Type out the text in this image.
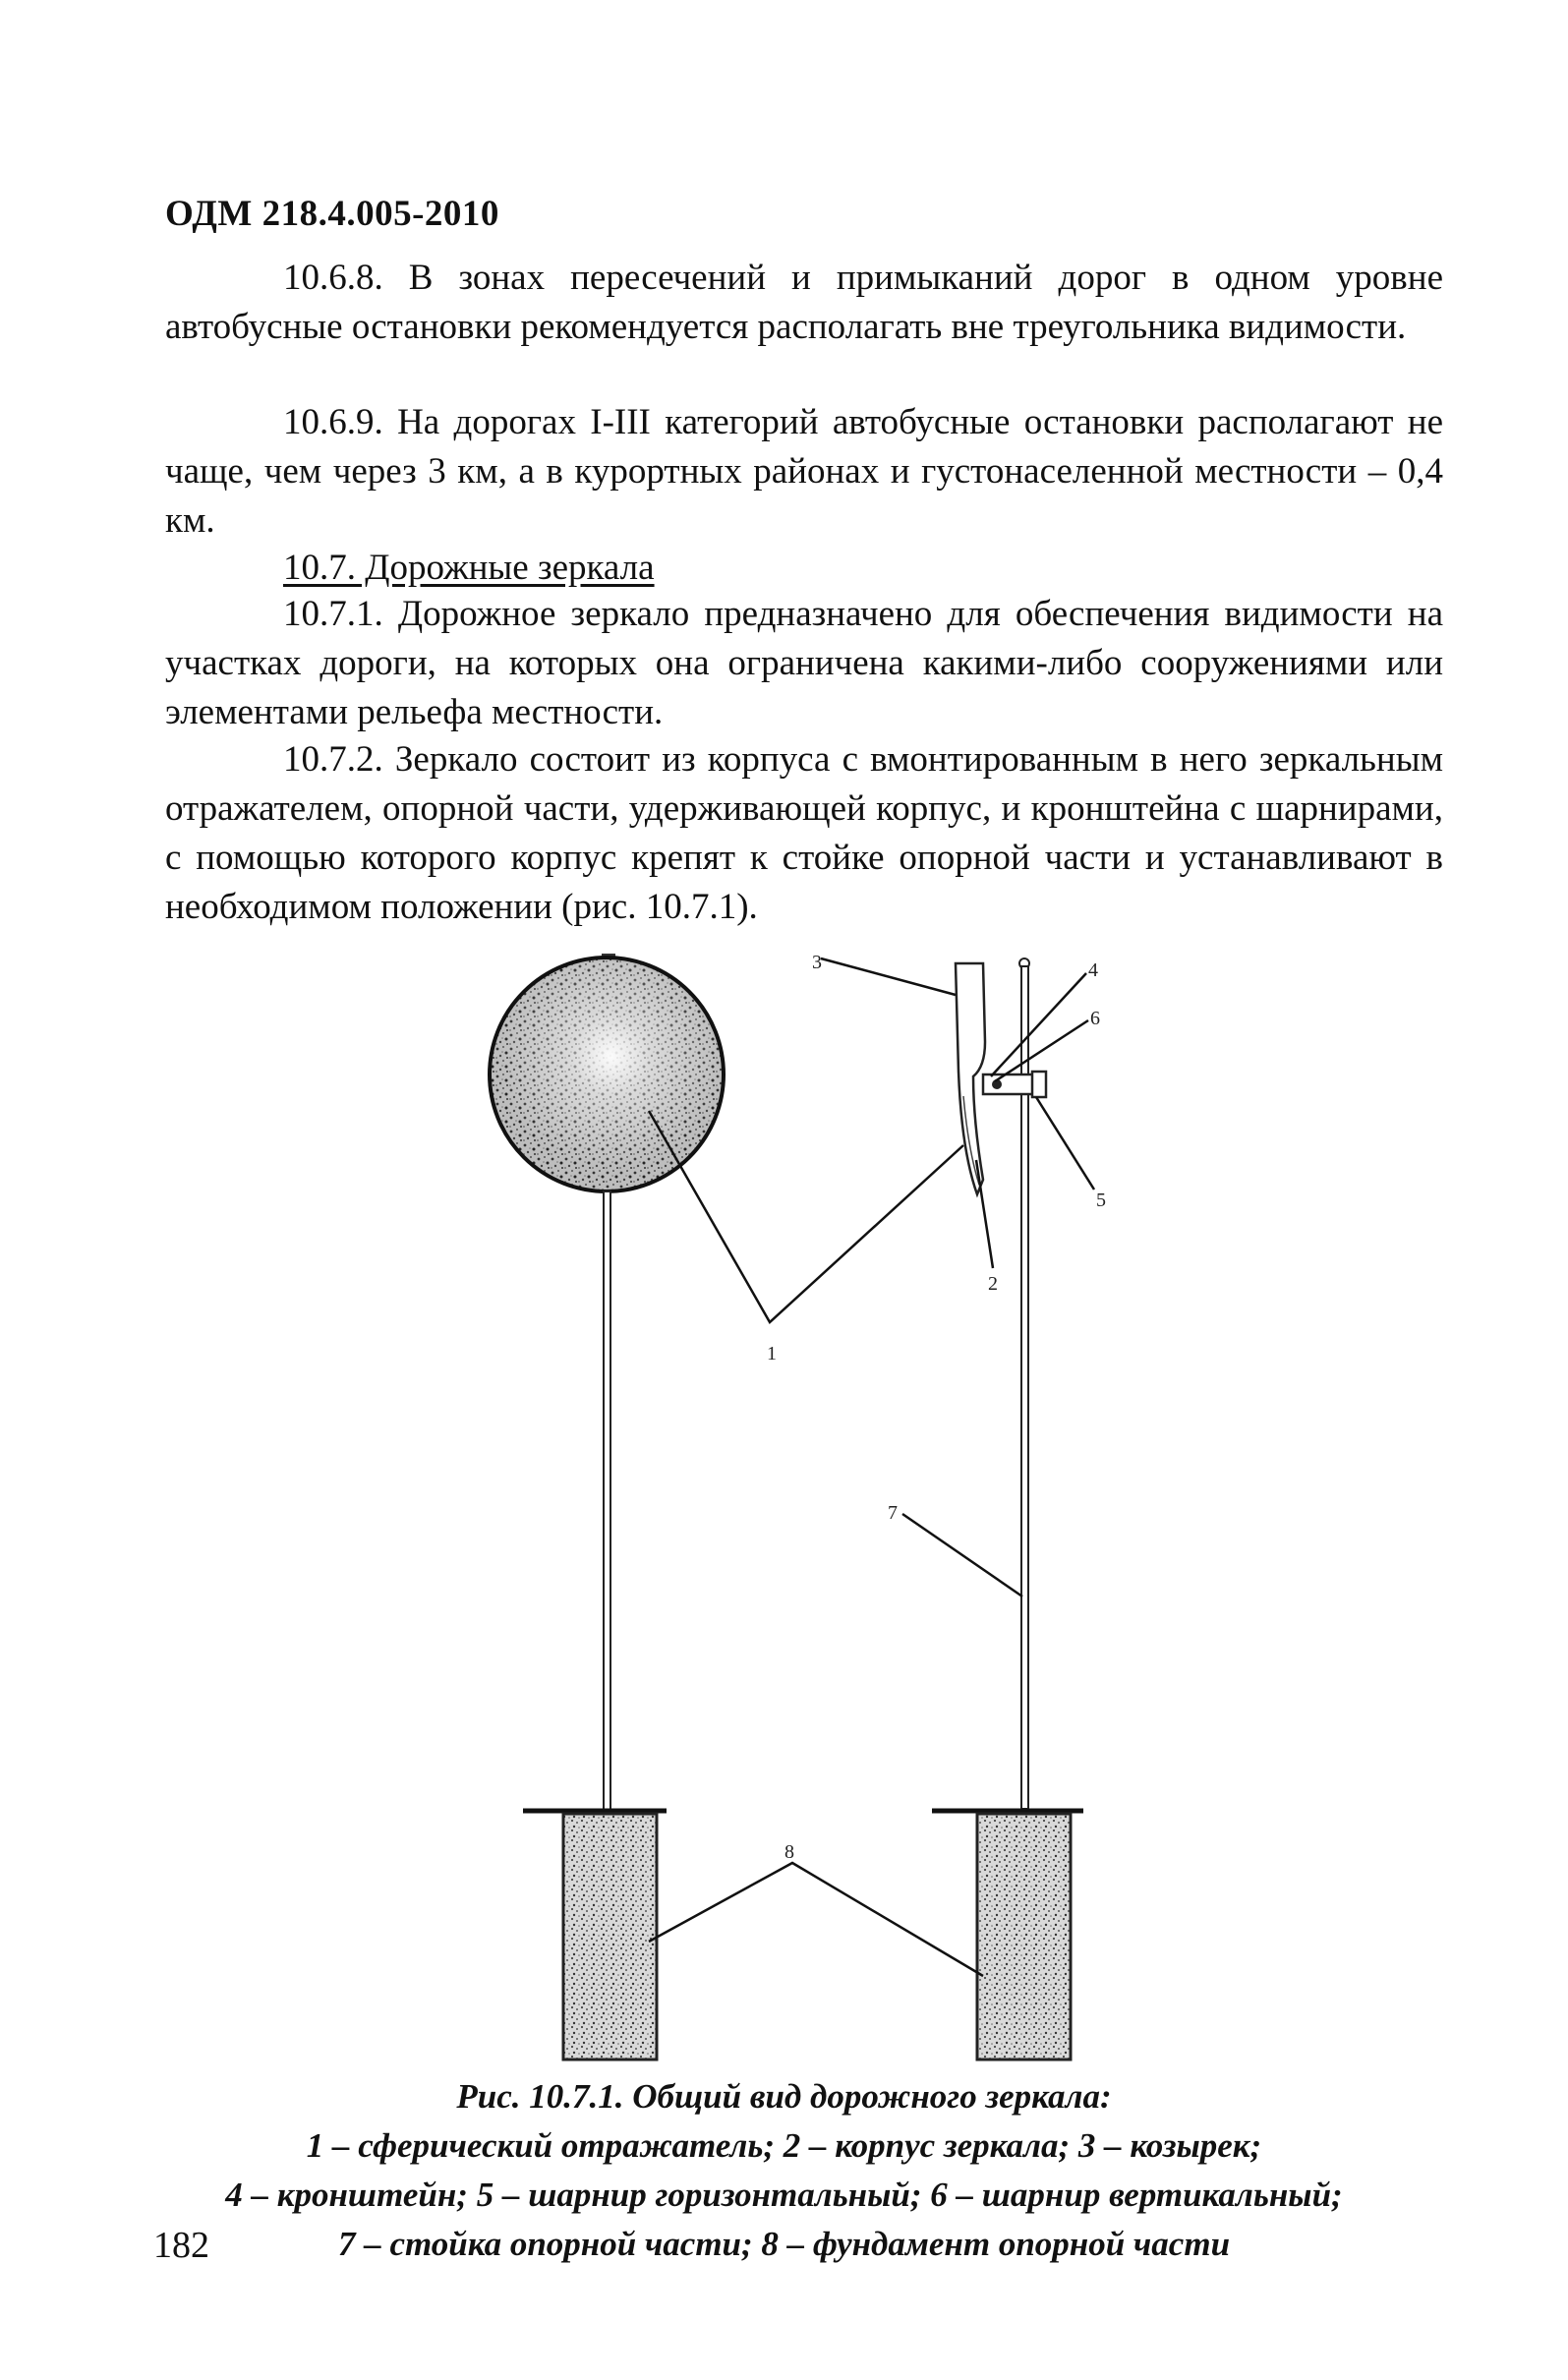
ОДМ 218.4.005-2010

10.6.8. В зонах пересечений и примыканий дорог в одном уровне автобусные остановки рекомендуется располагать вне треугольника видимости.

10.6.9. На дорогах I-III категорий автобусные остановки располагают не чаще, чем через 3 км, а в курортных районах и густонаселенной местности – 0,4 км.

10.7. Дорожные зеркала

10.7.1. Дорожное зеркало предназначено для обеспечения видимости на участках дороги, на которых она ограничена какими-либо сооружениями или элементами рельефа местности.

10.7.2. Зеркало состоит из корпуса с вмонтированным в него зеркальным отражателем, опорной части, удерживающей корпус, и кронштейна с шарнирами, с помощью которого корпус крепят к стойке опорной части и устанавливают в необходимом положении (рис. 10.7.1).

1
2
3	4
5
6
7
8
Рис. 10.7.1. Общий вид дорожного зеркала:
1 – сферический отражатель; 2 – корпус зеркала; 3 – козырек;
4 – кронштейн; 5 – шарнир горизонтальный; 6 – шарнир вертикальный;
7 – стойка опорной части; 8 – фундамент опорной части
182
